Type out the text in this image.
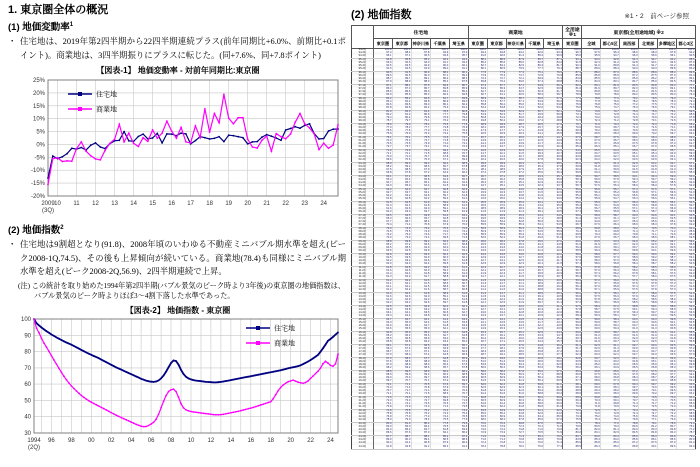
1. 東京圏全体の概況
(1) 地価変動率$^1$
・ 住宅地は、2019年第2四半期から22四半期連続プラス(前年同期比+6.0%、前期比+0.1ポイント)。商業地は、3四半期振りにプラスに転じた。(同+7.6%、同+7.8ポイント)
【図表-1】 地価変動率 - 対前年同期比:東京圏
-20%
-15%
-10%
-5%
0%
5%
10%
15%
20%
25%
2009
(3Q)
10 11 12 13 14 15 16 17 18 19 20 21 22 23 24
住宅地
商業地
(2) 地価指数$^2$
・ 住宅地は9割超となり(91.8)、2008年頃のいわゆる不動産ミニバブル期水準を超え(ピーク2008-1Q,74.5)、その後も上昇傾向が続いている。商業地(78.4)も同様にミニバブル期水準を超え(ピーク2008-2Q,56.9)、2四半期連続で上昇。
(注) この統計を取り始めた1994年第2四半期(バブル景気のピーク時より3年後)の東京圏の地価指数は、バブル景気のピーク時よりほぼ3〜4割下落した水準であった。
【図表-2】 地価指数 - 東京圏
30
40
50
60
70
80
90
100
1994
(2Q)
96 98 00 02 04 06 08 10 12 14 16 18 20 22 24
住宅地
商業地
(2) 地価指数	※1・2　前ページ参照
	住宅地					商業地					全用途※1	東京都(全用途地域) ※2					
	東京圏	東京都	神奈川県	千葉県	埼玉県	東京圏	東京都	神奈川県	千葉県	埼玉県	東京圏	全域	都心5区	南西部	北東部	多摩地区	都心3区
94-2Q	100.0	100.0	100.0	100.0	100.0	100.0	100.0	100.0	100.0	100.0	100.0	100.0	100.0	100.0	100.0	100.0	100.0
94-3Q	97.4	98.4	97.8	94.9	97.0	94.4	94.8	94.2	92.0	93.4	96.7	97.6	96.4	98.0	98.3	97.8	92.2
94-4Q	96.1	97.1	96.5	93.6	95.7	91.6	92.0	91.4	89.2	90.6	95.0	95.9	94.7	96.3	96.6	96.1	90.5
95-1Q	94.8	95.8	95.2	92.3	94.4	88.1	88.5	87.9	85.7	87.1	93.1	94.0	92.8	94.4	94.7	94.2	88.6
95-2Q	93.6	94.6	94.0	91.1	93.2	85.2	85.6	85.0	82.8	84.2	91.5	92.4	91.2	92.8	93.1	92.6	87.0
95-3Q	92.5	93.5	92.9	90.0	92.1	82.7	83.1	82.5	80.3	81.7	90.1	91.0	89.8	91.4	91.7	91.2	85.6
95-4Q	91.5	92.5	91.9	89.0	91.1	80.1	80.5	79.9	77.7	79.1	88.7	89.6	88.4	90.0	90.3	89.8	84.2
96-1Q	90.5	91.5	90.9	88.0	90.1	77.5	77.9	77.3	75.1	76.5	87.3	88.2	87.0	88.6	88.9	88.4	82.8
96-2Q	89.6	90.6	90.0	87.1	89.2	74.9	75.3	74.7	72.5	73.9	85.9	86.8	85.6	87.2	87.5	87.0	81.4
96-3Q	88.7	89.7	89.1	86.2	88.3	72.3	72.7	72.1	69.9	71.3	84.6	85.5	84.3	85.9	86.2	85.7	80.1
96-4Q	87.9	88.9	88.3	85.4	87.5	69.8	70.2	69.6	67.4	68.8	83.4	84.3	83.1	84.7	85.0	84.5	78.9
97-1Q	87.1	88.1	87.5	84.6	86.7	67.3	67.7	67.1	64.9	66.3	82.2	83.1	81.9	83.5	83.8	83.3	77.7
97-2Q	86.3	87.3	86.7	83.8	85.9	64.9	65.3	64.7	62.5	63.9	81.0	81.9	80.7	82.3	82.6	82.1	76.5
97-3Q	85.6	86.6	86.0	83.1	85.2	62.7	63.1	62.5	60.3	61.7	79.9	80.8	79.6	81.2	81.5	81.0	75.4
97-4Q	84.9	85.9	85.3	82.4	84.5	60.7	61.1	60.5	58.3	59.7	78.9	79.8	78.6	80.2	80.5	80.0	74.4
98-1Q	84.2	85.2	84.6	81.7	83.8	58.9	59.3	58.7	56.5	57.9	77.9	78.8	77.6	79.2	79.5	79.0	73.4
98-2Q	83.4	84.4	83.8	80.9	83.0	57.3	57.7	57.1	54.9	56.3	76.9	77.8	76.6	78.2	78.5	78.0	72.4
98-3Q	82.6	83.6	83.0	80.1	82.2	55.8	56.2	55.6	53.4	54.8	75.9	76.8	75.6	77.2	77.5	77.0	71.4
98-4Q	81.8	82.8	82.2	79.3	81.4	54.4	54.8	54.2	52.0	53.4	75.0	75.9	74.7	76.3	76.6	76.1	70.5
99-1Q	81.0	82.0	81.4	78.5	80.6	53.1	53.5	52.9	50.7	52.1	74.0	74.9	73.7	75.3	75.6	75.1	69.5
99-2Q	80.2	81.2	80.6	77.7	79.8	51.9	52.3	51.7	49.5	50.9	73.1	74.0	72.8	74.4	74.7	74.2	68.6
99-3Q	79.4	80.4	79.8	76.9	79.0	50.8	51.2	50.6	48.4	49.8	72.3	73.2	72.0	73.6	73.9	73.4	67.8
99-4Q	78.7	79.7	79.1	76.2	78.3	49.8	50.2	49.6	47.4	48.8	71.5	72.4	71.2	72.8	73.1	72.6	67.0
00-1Q	78.0	79.0	78.4	75.5	77.6	48.9	49.3	48.7	46.5	47.9	70.7	71.6	70.4	72.0	72.3	71.8	66.2
00-2Q	77.3	78.3	77.7	74.8	76.9	48.1	48.5	47.9	45.7	47.1	70.0	70.9	69.7	71.3	71.6	71.1	65.5
00-3Q	76.6	77.6	77.0	74.1	76.2	47.3	47.7	47.1	44.9	46.3	69.3	70.2	69.0	70.6	70.9	70.4	64.8
00-4Q	75.9	76.9	76.3	73.4	75.5	46.5	46.9	46.3	44.1	45.5	68.6	69.5	68.3	69.9	70.2	69.7	64.1
01-1Q	75.1	76.1	75.5	72.6	74.7	45.7	46.1	45.5	43.3	44.7	67.8	68.7	67.5	69.1	69.4	68.9	63.3
01-2Q	74.3	75.3	74.7	71.8	73.9	44.9	45.3	44.7	42.5	43.9	67.0	67.9	66.7	68.3	68.6	68.1	62.5
01-3Q	73.5	74.5	73.9	71.0	73.1	44.1	44.5	43.9	41.7	43.1	66.2	67.1	65.9	67.5	67.8	67.3	61.7
01-4Q	72.7	73.7	73.1	70.2	72.3	43.3	43.7	43.1	40.9	42.3	65.4	66.3	65.1	66.7	67.0	66.5	60.9
02-1Q	71.9	72.9	72.3	69.4	71.5	42.5	42.9	42.3	40.1	41.5	64.6	65.5	64.3	65.9	66.2	65.7	60.1
02-2Q	71.1	72.1	71.5	68.6	70.7	41.7	42.1	41.5	39.3	40.7	63.8	64.7	63.5	65.1	65.4	64.9	59.3
02-3Q	70.3	71.3	70.7	67.8	69.9	40.9	41.3	40.7	38.5	39.9	63.0	63.9	62.7	64.3	64.6	64.1	58.5
02-4Q	69.6	70.6	70.0	67.1	69.2	40.2	40.6	40.0	37.8	39.2	62.3	63.2	62.0	63.6	63.9	63.4	57.8
03-1Q	68.9	69.9	69.3	66.4	68.5	39.5	39.9	39.3	37.1	38.5	61.6	62.5	61.3	62.9	63.2	62.7	57.1
03-2Q	68.2	69.2	68.6	65.7	67.8	38.8	39.2	38.6	36.4	37.8	60.9	61.8	60.6	62.2	62.5	62.0	56.4
03-3Q	67.5	68.5	67.9	65.0	67.1	38.1	38.5	37.9	35.7	37.1	60.2	61.1	59.9	61.5	61.8	61.3	55.7
03-4Q	66.8	67.8	67.2	64.3	66.4	37.4	37.8	37.2	35.0	36.4	59.5	60.4	59.2	60.8	61.1	60.6	55.0
04-1Q	66.1	67.1	66.5	63.6	65.7	36.7	37.1	36.5	34.3	35.7	58.8	59.7	58.5	60.1	60.4	59.9	54.3
04-2Q	65.4	66.4	65.8	62.9	65.0	36.0	36.4	35.8	33.6	35.0	58.1	59.0	57.8	59.4	59.7	59.2	53.6
04-3Q	64.7	65.7	65.1	62.2	64.3	35.3	35.7	35.1	32.9	34.3	57.4	58.3	57.1	58.7	59.0	58.5	52.9
04-4Q	64.0	65.0	64.4	61.5	63.6	34.7	35.1	34.5	32.3	33.7	56.7	57.6	56.4	58.0	58.3	57.8	52.2
05-1Q	63.3	64.3	63.7	60.8	62.9	34.2	34.6	34.0	31.8	33.2	56.0	56.9	55.7	57.3	57.6	57.1	51.5
05-2Q	62.7	63.7	63.1	60.2	62.3	33.9	34.3	33.7	31.5	32.9	55.5	56.4	55.2	56.8	57.1	56.6	51.0
05-3Q	62.2	63.2	62.6	59.7	61.8	34.0	34.4	33.8	31.6	33.0	55.2	56.1	54.9	56.5	56.8	56.3	50.7
05-4Q	61.8	62.8	62.2	59.3	61.4	34.6	35.0	34.4	32.2	33.6	55.0	55.9	54.7	56.3	56.6	56.1	50.5
06-1Q	61.5	62.5	61.9	59.0	61.1	35.5	35.9	35.3	33.1	34.5	55.0	55.9	54.7	56.3	56.6	56.1	50.5
06-2Q	61.4	62.4	61.8	58.9	61.0	36.6	37.0	36.4	34.2	35.6	55.2	56.1	54.9	56.5	56.8	56.3	50.7
06-3Q	61.6	62.6	62.0	59.1	61.2	38.5	38.9	38.3	36.1	37.5	55.8	56.7	55.5	57.1	57.4	56.9	51.3
06-4Q	62.3	63.3	62.7	59.8	61.9	41.5	41.9	41.3	39.1	40.5	57.1	58.0	56.8	58.4	58.7	58.2	52.6
07-1Q	63.5	64.5	63.9	61.0	63.1	45.5	45.9	45.3	43.1	44.5	59.0	59.9	58.7	60.3	60.6	60.1	54.5
07-2Q	65.3	66.3	65.7	62.8	64.9	49.5	49.9	49.3	47.1	48.5	61.4	62.3	61.1	62.7	63.0	62.5	56.9
07-3Q	67.7	68.7	68.1	65.2	67.3	53.0	53.4	52.8	50.6	52.0	64.0	64.9	63.7	65.3	65.6	65.1	59.5
07-4Q	70.4	71.4	70.8	67.9	70.0	55.5	55.9	55.3	53.1	54.5	66.7	67.6	66.4	68.0	68.3	67.8	62.2
08-1Q	73.0	74.0	73.4	70.5	72.6	56.5	56.9	56.3	54.1	55.5	68.9	69.8	68.6	70.2	70.5	70.0	64.4
08-2Q	74.5	75.5	74.9	72.0	74.1	56.9	57.3	56.7	54.5	55.9	70.1	71.0	69.8	71.4	71.7	71.2	65.6
08-3Q	74.2	75.2	74.6	71.7	73.8	55.5	55.9	55.3	53.1	54.5	69.5	70.4	69.2	70.8	71.1	70.6	65.0
08-4Q	72.0	73.0	72.4	69.5	71.6	52.0	52.4	51.8	49.6	51.0	67.0	67.9	66.7	68.3	68.6	68.1	62.5
09-1Q	68.8	69.8	69.2	66.3	68.4	48.0	48.4	47.8	45.6	47.0	63.6	64.5	63.3	64.9	65.2	64.7	59.1
09-2Q	66.2	67.2	66.6	63.7	65.8	45.5	45.9	45.3	43.1	44.5	61.0	61.9	60.7	62.3	62.6	62.1	56.5
09-3Q	64.5	65.5	64.9	62.0	64.1	44.2	44.6	44.0	41.8	43.2	59.4	60.3	59.1	60.7	61.0	60.5	54.9
09-4Q	63.5	64.5	63.9	61.0	63.1	43.6	44.0	43.4	41.2	42.6	58.5	59.4	58.2	59.8	60.1	59.6	54.0
10-1Q	62.9	63.9	63.3	60.4	62.5	43.2	43.6	43.0	40.8	42.2	58.0	58.9	57.7	59.3	59.6	59.1	53.5
10-2Q	62.5	63.5	62.9	60.0	62.1	42.9	43.3	42.7	40.5	41.9	57.6	58.5	57.3	58.9	59.2	58.7	53.1
10-3Q	62.2	63.2	62.6	59.7	61.8	42.7	43.1	42.5	40.3	41.7	57.3	58.2	57.0	58.6	58.9	58.4	52.8
10-4Q	62.0	63.0	62.4	59.5	61.6	42.5	42.9	42.3	40.1	41.5	57.1	58.0	56.8	58.4	58.7	58.2	52.6
11-1Q	61.8	62.8	62.2	59.3	61.4	42.3	42.7	42.1	39.9	41.3	56.9	57.8	56.6	58.2	58.5	58.0	52.4
11-2Q	61.6	62.6	62.0	59.1	61.2	42.1	42.5	41.9	39.7	41.1	56.7	57.6	56.4	58.0	58.3	57.8	52.2
11-3Q	61.4	62.4	61.8	58.9	61.0	41.9	42.3	41.7	39.5	40.9	56.5	57.4	56.2	57.8	58.1	57.6	52.0
11-4Q	61.3	62.3	61.7	58.8	60.9	41.7	42.1	41.5	39.3	40.7	56.4	57.3	56.1	57.7	58.0	57.5	51.9
12-1Q	61.2	62.2	61.6	58.7	60.8	41.5	41.9	41.3	39.1	40.5	56.3	57.2	56.0	57.6	57.9	57.4	51.8
12-2Q	61.1	62.1	61.5	58.6	60.7	41.3	41.7	41.1	38.9	40.3	56.2	57.1	55.9	57.5	57.8	57.3	51.7
12-3Q	61.1	62.1	61.5	58.6	60.7	41.2	41.6	41.0	38.8	40.2	56.1	57.0	55.8	57.4	57.7	57.2	51.6
12-4Q	61.2	62.2	61.6	58.7	60.8	41.2	41.6	41.0	38.8	40.2	56.2	57.1	55.9	57.5	57.8	57.3	51.7
13-1Q	61.4	62.4	61.8	58.9	61.0	41.3	41.7	41.1	38.9	40.3	56.4	57.3	56.1	57.7	58.0	57.5	51.9
13-2Q	61.6	62.6	62.0	59.1	61.2	41.5	41.9	41.3	39.1	40.5	56.6	57.5	56.3	57.9	58.2	57.7	52.1
13-3Q	61.9	62.9	62.3	59.4	61.5	41.8	42.2	41.6	39.4	40.8	56.9	57.8	56.6	58.2	58.5	58.0	52.4
13-4Q	62.2	63.2	62.6	59.7	61.8	42.1	42.5	41.9	39.7	41.1	57.2	58.1	56.9	58.5	58.8	58.3	52.7
14-1Q	62.5	63.5	62.9	60.0	62.1	42.4	42.8	42.2	40.0	41.4	57.5	58.4	57.2	58.8	59.1	58.6	53.0
14-2Q	62.8	63.8	63.2	60.3	62.4	42.7	43.1	42.5	40.3	41.7	57.8	58.7	57.5	59.1	59.4	58.9	53.3
14-3Q	63.1	64.1	63.5	60.6	62.7	43.0	43.4	42.8	40.6	42.0	58.1	59.0	57.8	59.4	59.7	59.2	53.6
14-4Q	63.4	64.4	63.8	60.9	63.0	43.3	43.7	43.1	40.9	42.3	58.4	59.3	58.1	59.7	60.0	59.5	53.9
15-1Q	63.7	64.7	64.1	61.2	63.3	43.7	44.1	43.5	41.3	42.7	58.7	59.6	58.4	60.0	60.3	59.8	54.2
15-2Q	64.0	65.0	64.4	61.5	63.6	44.1	44.5	43.9	41.7	43.1	59.0	59.9	58.7	60.3	60.6	60.1	54.5
15-3Q	64.3	65.3	64.7	61.8	63.9	44.5	44.9	44.3	42.1	43.5	59.4	60.3	59.1	60.7	61.0	60.5	54.9
15-4Q	64.6	65.6	65.0	62.1	64.2	44.9	45.3	44.7	42.5	43.9	59.7	60.6	59.4	61.0	61.3	60.8	55.2
16-1Q	64.9	65.9	65.3	62.4	64.5	45.3	45.7	45.1	42.9	44.3	60.0	60.9	59.7	61.3	61.6	61.1	55.5
16-2Q	65.2	66.2	65.6	62.7	64.8	45.7	46.1	45.5	43.3	44.7	60.3	61.2	60.0	61.6	61.9	61.4	55.8
16-3Q	65.5	66.5	65.9	63.0	65.1	46.2	46.6	46.0	43.8	45.2	60.7	61.6	60.4	62.0	62.3	61.8	56.2
16-4Q	65.8	66.8	66.2	63.3	65.4	46.7	47.1	46.5	44.3	45.7	61.0	61.9	60.7	62.3	62.6	62.1	56.5
17-1Q	66.1	67.1	66.5	63.6	65.7	47.2	47.6	47.0	44.8	46.2	61.4	62.3	61.1	62.7	63.0	62.5	56.9
17-2Q	66.4	67.4	66.8	63.9	66.0	47.7	48.1	47.5	45.3	46.7	61.7	62.6	61.4	63.0	63.3	62.8	57.2
17-3Q	66.7	67.7	67.1	64.2	66.3	48.2	48.6	48.0	45.8	47.2	62.1	63.0	61.8	63.4	63.7	63.2	57.6
17-4Q	67.0	68.0	67.4	64.5	66.6	48.7	49.1	48.5	46.3	47.7	62.4	63.3	62.1	63.7	64.0	63.5	57.9
18-1Q	67.3	68.3	67.7	64.8	66.9	49.2	49.6	49.0	46.8	48.2	62.8	63.7	62.5	64.1	64.4	63.9	58.3
18-2Q	67.6	68.6	68.0	65.1	67.2	51.0	51.4	50.8	48.6	50.0	63.5	64.4	63.2	64.8	65.1	64.6	59.0
18-3Q	67.9	68.9	68.3	65.4	67.5	53.5	53.9	53.3	51.1	52.5	64.3	65.2	64.0	65.6	65.9	65.4	59.8
18-4Q	68.2	69.2	68.6	65.7	67.8	56.0	56.4	55.8	53.6	55.0	65.2	66.1	64.9	66.5	66.8	66.3	60.7
19-1Q	68.5	69.5	68.9	66.0	68.1	58.0	58.4	57.8	55.6	57.0	65.9	66.8	65.6	67.2	67.5	67.0	61.4
19-2Q	68.9	69.9	69.3	66.4	68.5	59.5	59.9	59.3	57.1	58.5	66.6	67.5	66.3	67.9	68.2	67.7	62.1
19-3Q	69.3	70.3	69.7	66.8	68.9	60.5	60.9	60.3	58.1	59.5	67.1	68.0	66.8	68.4	68.7	68.2	62.6
19-4Q	69.7	70.7	70.1	67.2	69.3	61.5	61.9	61.3	59.1	60.5	67.7	68.6	67.4	69.0	69.3	68.8	63.2
20-1Q	70.1	71.1	70.5	67.6	69.7	62.0	62.4	61.8	59.6	61.0	68.1	69.0	67.8	69.4	69.7	69.2	63.6
20-2Q	70.4	71.4	70.8	67.9	70.0	62.5	62.9	62.3	60.1	61.5	68.4	69.3	68.1	69.7	70.0	69.5	63.9
20-3Q	70.7	71.7	71.1	68.2	70.3	61.8	62.2	61.6	59.4	60.8	68.5	69.4	68.2	69.8	70.1	69.6	64.0
20-4Q	71.1	72.1	71.5	68.6	70.7	61.2	61.6	61.0	58.8	60.2	68.6	69.5	68.3	69.9	70.2	69.7	64.1
21-1Q	71.6	72.6	72.0	69.1	71.2	60.8	61.2	60.6	58.4	59.8	68.9	69.8	68.6	70.2	70.5	70.0	64.4
21-2Q	72.3	73.3	72.7	69.8	71.9	60.5	60.9	60.3	58.1	59.5	69.4	70.3	69.1	70.7	71.0	70.5	64.9
21-3Q	73.1	74.1	73.5	70.6	72.7	61.0	61.4	60.8	58.6	60.0	70.1	71.0	69.8	71.4	71.7	71.2	65.6
21-4Q	73.9	74.9	74.3	71.4	73.5	62.0	62.4	61.8	59.6	61.0	70.9	71.8	70.6	72.2	72.5	72.0	66.4
22-1Q	74.8	75.8	75.2	72.3	74.4	63.5	63.9	63.3	61.1	62.5	72.0	72.9	71.7	73.3	73.6	73.1	67.5
22-2Q	75.8	76.8	76.2	73.3	75.4	65.0	65.4	64.8	62.6	64.0	73.1	74.0	72.8	74.4	74.7	74.2	68.6
22-3Q	76.9	77.9	77.3	74.4	76.5	66.5	66.9	66.3	64.1	65.5	74.3	75.2	74.0	75.6	75.9	75.4	69.8
22-4Q	78.0	79.0	78.4	75.5	77.6	68.0	68.4	67.8	65.6	67.0	75.5	76.4	75.2	76.8	77.1	76.6	71.0
23-1Q	80.0	81.0	80.4	77.5	79.6	70.0	70.4	69.8	67.6	69.0	77.5	78.4	77.2	78.8	79.1	78.6	73.0
23-2Q	82.0	83.0	82.4	79.5	81.6	72.5	72.9	72.3	70.1	71.5	79.6	80.5	79.3	80.9	81.2	80.7	75.1
23-3Q	84.3	85.3	84.7	81.8	83.9	74.0	74.4	73.8	71.6	73.0	81.7	82.6	81.4	83.0	83.3	82.8	77.2
23-4Q	86.6	87.6	87.0	84.1	86.2	72.9	73.3	72.7	70.5	71.9	83.2	84.1	82.9	84.5	84.8	84.3	78.7
24-1Q	87.7	88.7	88.1	85.2	87.3	71.5	71.9	71.3	69.1	70.5	83.7	84.6	83.4	85.0	85.3	84.8	79.2
24-2Q	89.0	90.0	89.4	86.5	88.6	71.0	71.4	70.8	68.6	70.0	84.5	85.4	84.2	85.8	86.1	85.6	80.0
24-3Q	90.4	91.4	90.8	87.9	90.0	72.4	72.8	72.2	70.0	71.4	85.9	86.8	85.6	87.2	87.5	87.0	81.4
24-4Q	91.8	92.8	92.2	89.3	91.4	78.4	78.8	78.2	76.0	77.4	88.5	89.4	88.2	89.8	90.1	89.6	84.0
